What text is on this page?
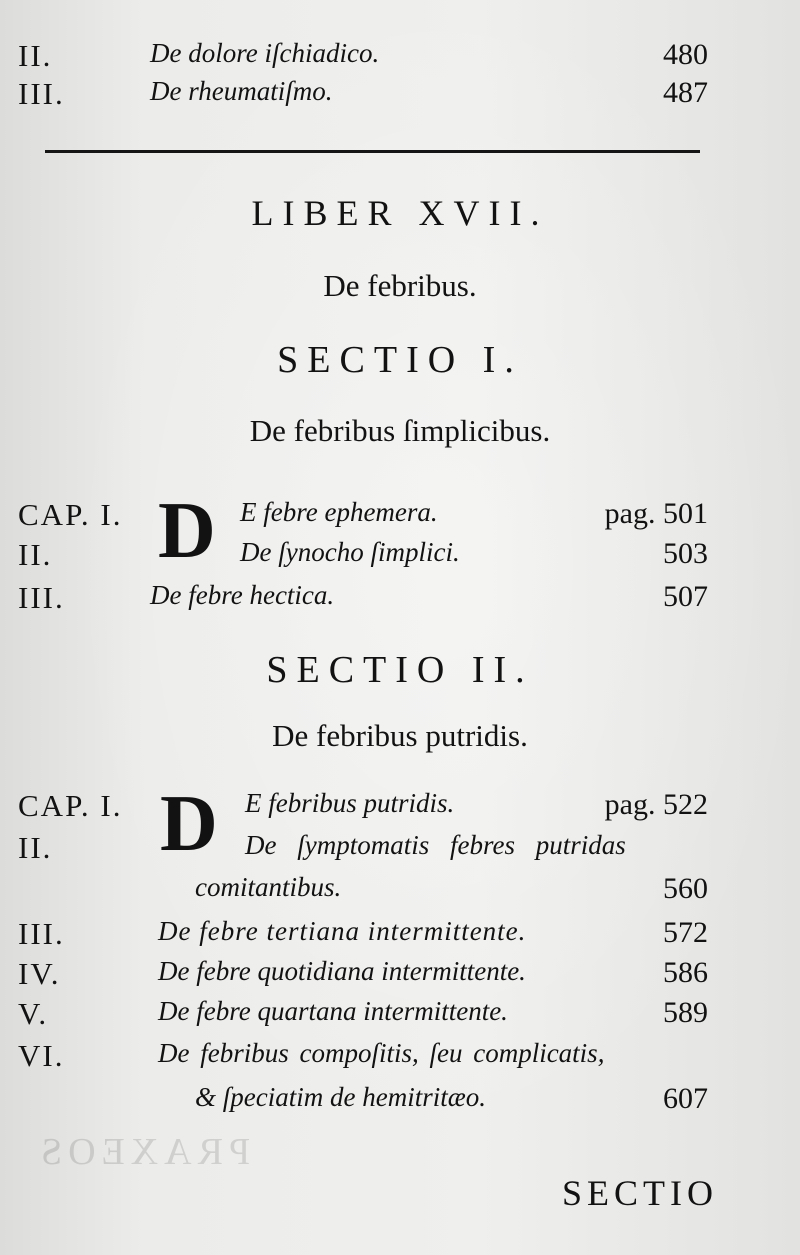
II.	De dolore iſchiadico.	480
III.	De rheumatiſmo.	487
LIBER XVII.
De febribus.
SECTIO I.
De febribus ſimplicibus.
CAP. I. D E febre ephemera.	pag. 501
II.	De ſynocho ſimplici.	503
III.	De febre hectica.	507
SECTIO II.
De febribus putridis.
CAP. I. D E febribus putridis.	pag. 522
II.	De ſymptomatis febres putridas
comitantibus.	560
III.	De febre tertiana intermittente.	572
IV.	De febre quotidiana intermittente.	586
V.	De febre quartana intermittente.	589
VI.	De febribus compoſitis, ſeu complicatis,
& ſpeciatim de hemitritæo.	607
PRAXEOS
SECTIO
